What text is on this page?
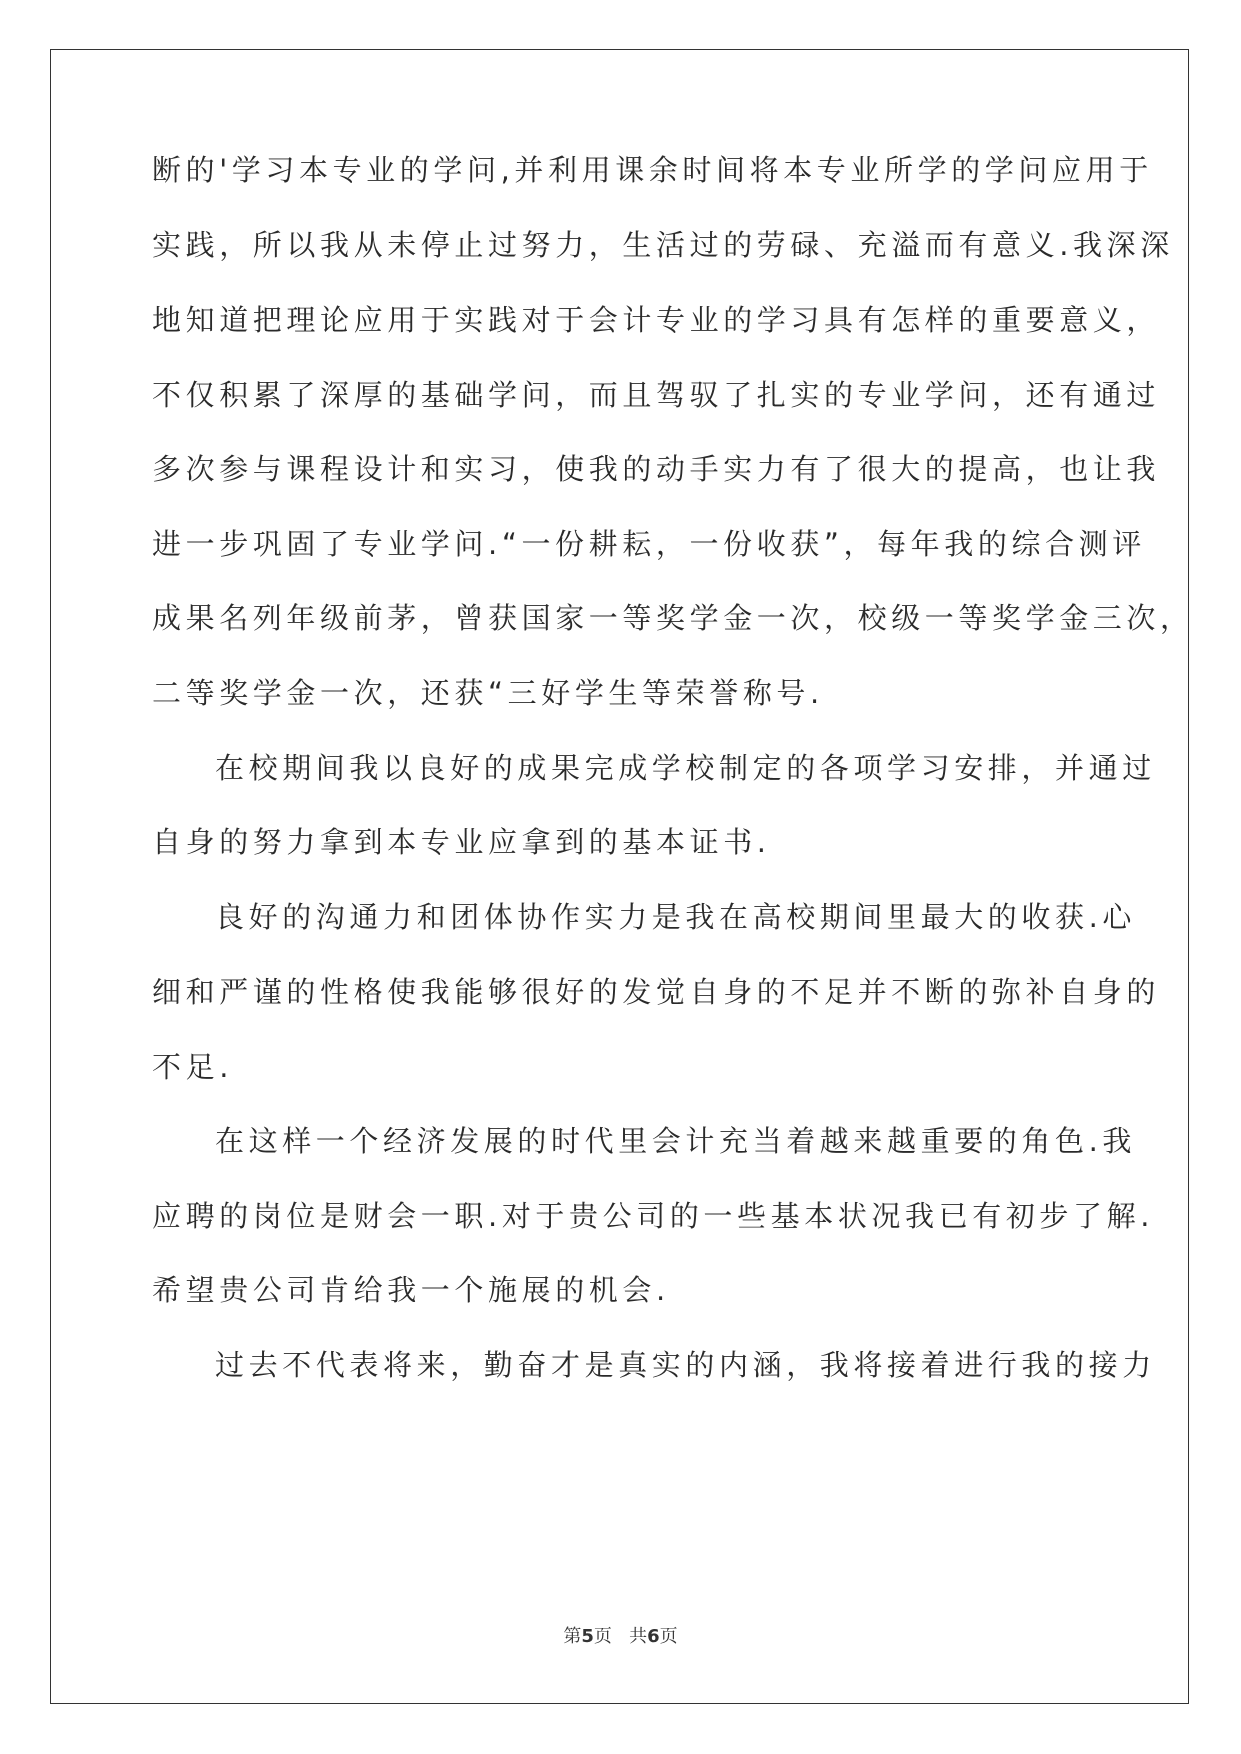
断的'学习本专业的学问,并利用课余时间将本专业所学的学问应用于
实践，所以我从未停止过努力，生活过的劳碌、充溢而有意义.我深深
地知道把理论应用于实践对于会计专业的学习具有怎样的重要意义，
不仅积累了深厚的基础学问，而且驾驭了扎实的专业学问，还有通过
多次参与课程设计和实习，使我的动手实力有了很大的提高，也让我
进一步巩固了专业学问.“一份耕耘，一份收获”，每年我的综合测评
成果名列年级前茅，曾获国家一等奖学金一次，校级一等奖学金三次，
二等奖学金一次，还获“三好学生等荣誉称号.
在校期间我以良好的成果完成学校制定的各项学习安排，并通过
自身的努力拿到本专业应拿到的基本证书.
良好的沟通力和团体协作实力是我在高校期间里最大的收获.心
细和严谨的性格使我能够很好的发觉自身的不足并不断的弥补自身的
不足.
在这样一个经济发展的时代里会计充当着越来越重要的角色.我
应聘的岗位是财会一职.对于贵公司的一些基本状况我已有初步了解.
希望贵公司肯给我一个施展的机会.
过去不代表将来，勤奋才是真实的内涵，我将接着进行我的接力
第5页 共6页
